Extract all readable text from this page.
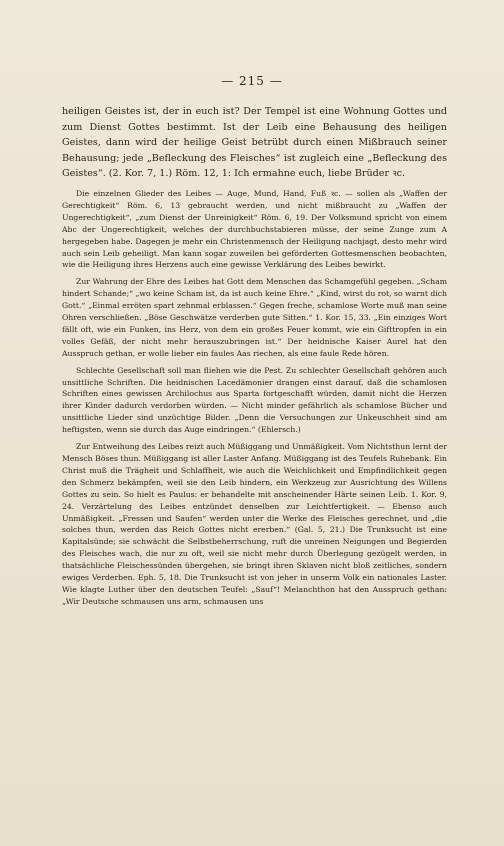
— 215 —

heiligen Geistes ist, der in euch ist? Der Tempel ist eine Wohnung Gottes und zum Dienst Gottes bestimmt. Ist der Leib eine Behausung des heiligen Geistes, dann wird der heilige Geist betrübt durch einen Mißbrauch seiner Behausung; jede „Befleckung des Fleisches“ ist zugleich eine „Befleckung des Geistes“. (2. Kor. 7, 1.) Röm. 12, 1: Ich ermahne euch, liebe Brüder ꝛc.

Die einzelnen Glieder des Leibes — Auge, Mund, Hand, Fuß ꝛc. — sollen als „Waffen der Gerechtigkeit“ Röm. 6, 13 gebraucht werden, und nicht mißbraucht zu „Waffen der Ungerechtigkeit“, „zum Dienst der Unreinigkeit“ Röm. 6, 19. Der Volksmund spricht von einem Abc der Ungerechtigkeit, welches der durchbuchstabieren müsse, der seine Zunge zum A hergegeben habe. Dagegen je mehr ein Christenmensch der Heiligung nachjagt, desto mehr wird auch sein Leib geheiligt. Man kann sogar zuweilen bei geförderten Gottesmenschen beobachten, wie die Heiligung ihres Herzens auch eine gewisse Verklärung des Leibes bewirkt.

Zur Wahrung der Ehre des Leibes hat Gott dem Menschen das Schamgefühl gegeben. „Scham hindert Schande;“ „wo keine Scham ist, da ist auch keine Ehre.“ „Kind, wirst du rot, so warnt dich Gott.“ „Einmal erröten spart zehnmal erblassen.“ Gegen freche, schamlose Worte muß man seine Ohren verschließen. „Böse Geschwätze verderben gute Sitten.“ 1. Kor. 15, 33. „Ein einziges Wort fällt oft, wie ein Funken, ins Herz, von dem ein großes Feuer kommt, wie ein Gifttropfen in ein volles Gefäß, der nicht mehr herauszubringen ist.“ Der heidnische Kaiser Aurel hat den Ausspruch gethan, er wolle lieber ein faules Aas riechen, als eine faule Rede hören.

Schlechte Gesellschaft soll man fliehen wie die Pest. Zu schlechter Gesellschaft gehören auch unsittliche Schriften. Die heidnischen Lacedämonier drangen einst darauf, daß die schamlosen Schriften eines gewissen Archilochus aus Sparta fortgeschafft würden, damit nicht die Herzen ihrer Kinder dadurch verdorben würden. — Nicht minder gefährlich als schamlose Bücher und unsittliche Lieder sind unzüchtige Bilder. „Denn die Versuchungen zur Unkeuschheit sind am heftigsten, wenn sie durch das Auge eindringen.“ (Ehlersch.)

Zur Entweihung des Leibes reizt auch Müßiggang und Unmäßigkeit. Vom Nichtsthun lernt der Mensch Böses thun. Müßiggang ist aller Laster Anfang. Müßiggang ist des Teufels Ruhebank. Ein Christ muß die Trägheit und Schlaffheit, wie auch die Weichlichkeit und Empfindlichkeit gegen den Schmerz bekämpfen, weil sie den Leib hindern, ein Werkzeug zur Ausrichtung des Willens Gottes zu sein. So hielt es Paulus: er behandelte mit anscheinender Härte seinen Leib. 1. Kor. 9, 24. Verzärtelung des Leibes entzündet denselben zur Leichtfertigkeit. — Ebenso auch Unmäßigkeit. „Fressen und Saufen“ werden unter die Werke des Fleisches gerechnet, und „die solches thun, werden das Reich Gottes nicht ererben.“ (Gal. 5, 21.) Die Trunksucht ist eine Kapitalsünde; sie schwächt die Selbstbeherrschung, ruft die unreinen Neigungen und Begierden des Fleisches wach, die nur zu oft, weil sie nicht mehr durch Überlegung gezügelt werden, in thatsächliche Fleischessünden übergehen, sie bringt ihren Sklaven nicht bloß zeitliches, sondern ewiges Verderben. Eph. 5, 18. Die Trunksucht ist von jeher in unserm Volk ein nationales Laster. Wie klagte Luther über den deutschen Teufel: „Sauf“! Melanchthon hat den Ausspruch gethan: „Wir Deutsche schmausen uns arm, schmausen uns
